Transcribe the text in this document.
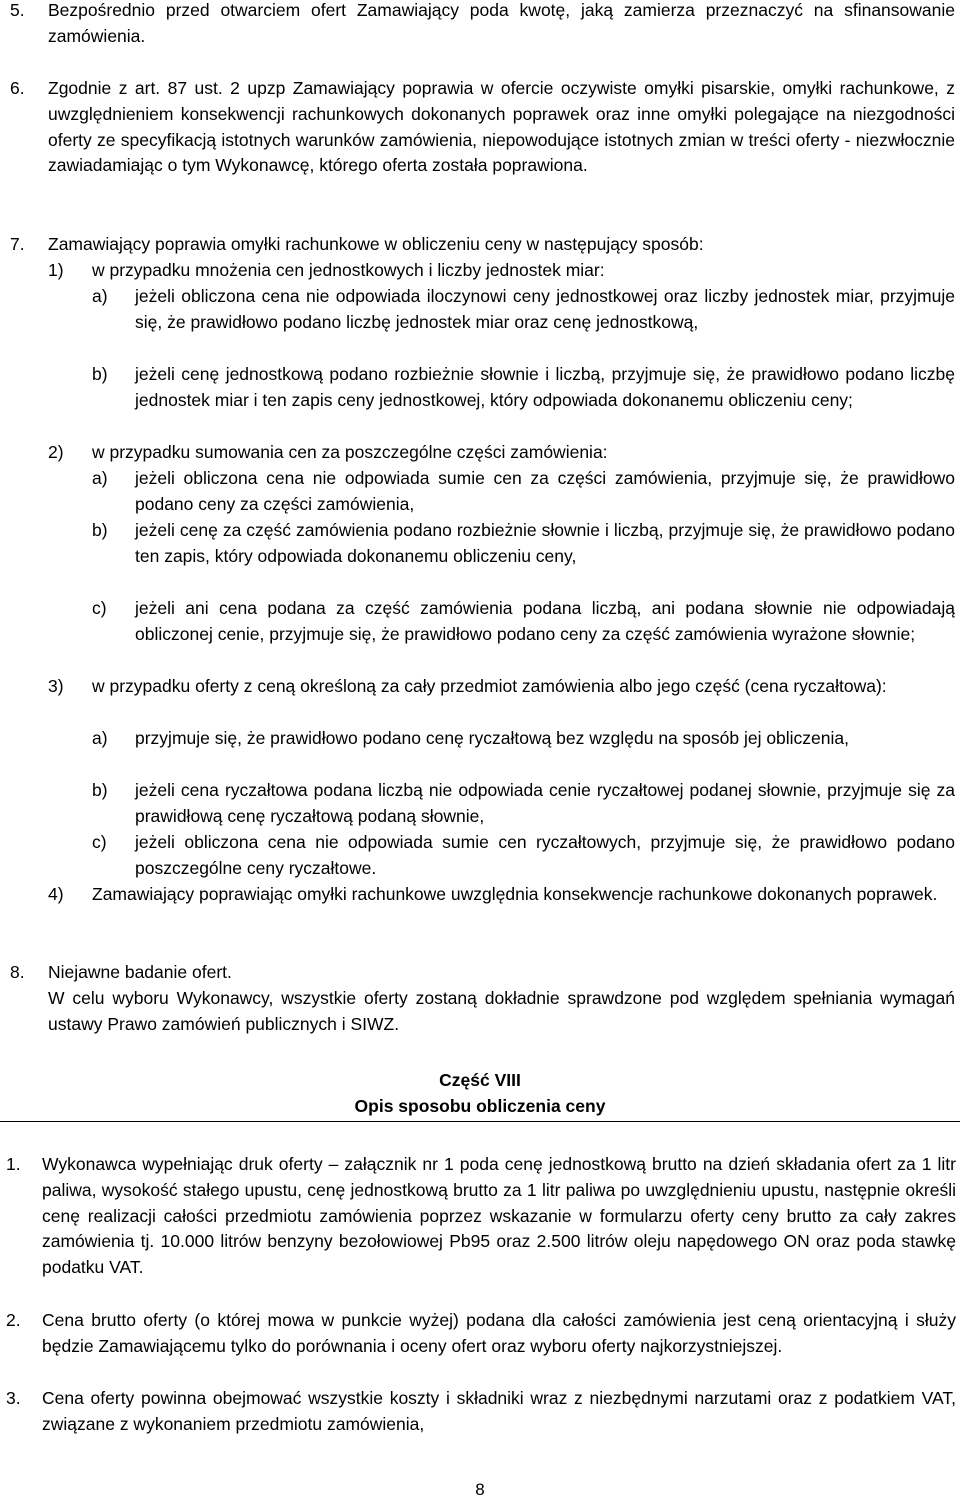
5.	Bezpośrednio przed otwarciem ofert Zamawiający poda kwotę, jaką zamierza przeznaczyć na sfinansowanie zamówienia.
6.	Zgodnie z art. 87 ust. 2 upzp Zamawiający poprawia w ofercie oczywiste omyłki pisarskie, omyłki rachunkowe, z uwzględnieniem konsekwencji rachunkowych dokonanych poprawek oraz inne omyłki polegające na niezgodności oferty ze specyfikacją istotnych warunków zamówienia, niepowodujące istotnych zmian w treści oferty - niezwłocznie zawiadamiając o tym Wykonawcę, którego oferta została poprawiona.
7.	Zamawiający poprawia omyłki rachunkowe w obliczeniu ceny w następujący sposób:
1)	w przypadku mnożenia cen jednostkowych i liczby jednostek miar:
a)	jeżeli obliczona cena nie odpowiada iloczynowi ceny jednostkowej oraz liczby jednostek miar, przyjmuje się, że prawidłowo podano liczbę jednostek miar oraz cenę jednostkową,
b)	jeżeli cenę jednostkową podano rozbieżnie słownie i liczbą, przyjmuje się, że prawidłowo podano liczbę jednostek miar i ten zapis ceny jednostkowej, który odpowiada dokonanemu obliczeniu ceny;
2)	w przypadku sumowania cen za poszczególne części zamówienia:
a)	jeżeli obliczona cena nie odpowiada sumie cen za części zamówienia, przyjmuje się, że prawidłowo podano ceny za części zamówienia,
b)	jeżeli cenę za część zamówienia podano rozbieżnie słownie i liczbą, przyjmuje się, że prawidłowo podano ten zapis, który odpowiada dokonanemu obliczeniu ceny,
c)	jeżeli ani cena podana za część zamówienia podana liczbą, ani podana słownie nie odpowiadają obliczonej cenie, przyjmuje się, że prawidłowo podano ceny za część zamówienia wyrażone słownie;
3)	w przypadku oferty z ceną określoną za cały przedmiot zamówienia albo jego część (cena ryczałtowa):
a)	przyjmuje się, że prawidłowo podano cenę ryczałtową bez względu na sposób jej obliczenia,
b)	jeżeli cena ryczałtowa podana liczbą nie odpowiada cenie ryczałtowej podanej słownie, przyjmuje się za prawidłową cenę ryczałtową podaną słownie,
c)	jeżeli obliczona cena nie odpowiada sumie cen ryczałtowych, przyjmuje się, że prawidłowo podano poszczególne ceny ryczałtowe.
4)	Zamawiający poprawiając omyłki rachunkowe uwzględnia konsekwencje rachunkowe dokonanych poprawek.
8.	Niejawne badanie ofert.
W celu wyboru Wykonawcy, wszystkie oferty zostaną dokładnie sprawdzone pod względem spełniania wymagań ustawy Prawo zamówień publicznych i SIWZ.
Część VIII
Opis sposobu obliczenia ceny
1.	Wykonawca wypełniając druk oferty – załącznik nr 1 poda cenę jednostkową brutto na dzień składania ofert za 1 litr paliwa, wysokość stałego upustu, cenę jednostkową brutto za 1 litr paliwa po uwzględnieniu upustu, następnie określi cenę realizacji całości przedmiotu zamówienia poprzez wskazanie w formularzu oferty ceny brutto za cały zakres zamówienia tj. 10.000 litrów benzyny bezołowiowej Pb95 oraz 2.500 litrów oleju napędowego ON oraz poda stawkę podatku VAT.
2.	Cena brutto oferty (o której mowa w punkcie wyżej) podana dla całości zamówienia jest ceną orientacyjną i służy będzie Zamawiającemu tylko do porównania i oceny ofert oraz wyboru oferty najkorzystniejszej.
3.	Cena oferty powinna obejmować wszystkie koszty i składniki wraz z niezbędnymi narzutami oraz z podatkiem VAT, związane z wykonaniem przedmiotu zamówienia,
8
